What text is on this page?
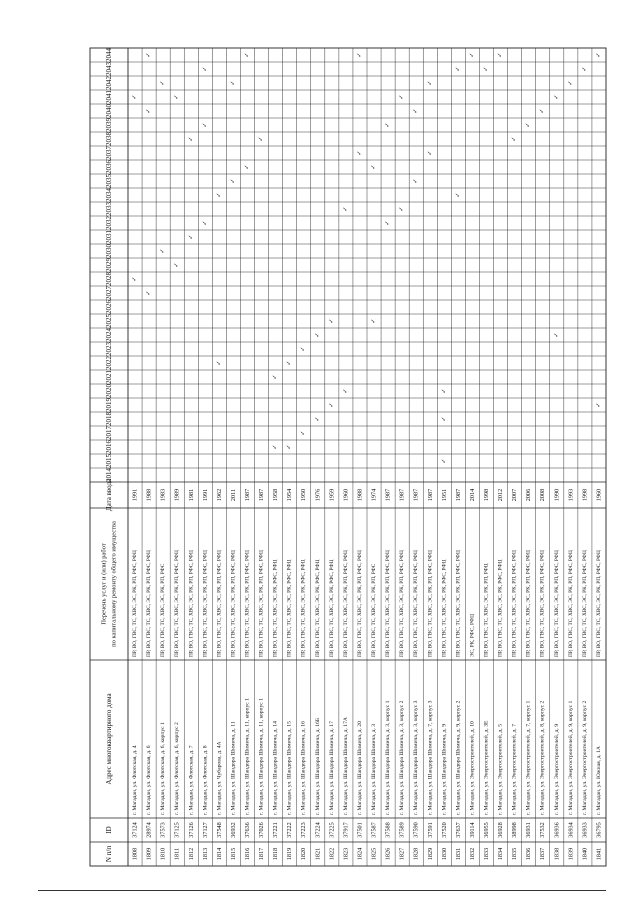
N п/п
ID
Адрес многоквартирного дома
Перечень услуг и (или) работ по капитальному ремонту общего имущества
Дата ввода
2014
2015
2016
2017
2018
2019
2020
2021
2022
2023
2024
2025
2026
2027
2028
2029
2030
2031
2032
2033
2034
2035
2036
2037
2038
2039
2040
2041
2042
2043
2044
1808
37124
г. Магадан, ул. Флотская, д. 4
ПР, ВО, ГВС, ТС, ХВС, ЭС, РК, РП, РФС, РФЦ
1991
✓
✓
1809
28974
г. Магадан, ул. Флотская, д. 6
ПР, ВО, ГВС, ТС, ХВС, ЭС, РК, РП, РФС, РФЦ
1988
✓
✓
✓
1810
37573
г. Магадан, ул. Флотская, д. 6, корпус 1
ПР, ВО, ГВС, ТС, ХВС, ЭС, РК, РП, РФС
1983
✓
✓
1811
37125
г. Магадан, ул. Флотская, д. 6, корпус 2
ПР, ВО, ГВС, ТС, ХВС, ЭС, РК, РП, РФС, РФЦ
1989
✓
✓
1812
37126
г. Магадан, ул. Флотская, д. 7
ПР, ВО, ГВС, ТС, ХВС, ЭС, РК, РП, РФС, РФЦ
1981
✓
✓
1813
37127
г. Магадан, ул. Флотская, д. 8
ПР, ВО, ГВС, ТС, ХВС, ЭС, РК, РП, РФС, РФЦ
1991
✓
✓
✓
1814
37548
г. Магадан, ул. Чубарова, д. 4А
ПР, ВО, ГВС, ТС, ХВС, ЭС, РК, РП, РФС, РФЦ
1962
✓
✓
1815
36932
г. Магадан, ул. Шандора Шимича, д. 11
ПР, ВО, ГВС, ТС, ХВС, ЭС, РК, РП, РФС, РФЦ
2011
✓
✓
1816
37636
г. Магадан, ул. Шандора Шимича, д. 11, корпус 1
ПР, ВО, ГВС, ТС, ХВС, ЭС, РК, РП, РФС, РФЦ
1987
✓
✓
1817
37026
г. Магадан, ул. Шандора Шимича, д. 11, корпус 1
ПР, ВО, ГВС, ТС, ХВС, ЭС, РК, РП, РФС, РФЦ
1987
✓
1818
37221
г. Магадан, ул. Шандора Шимича, д. 14
ПР, ВО, ГВС, ТС, ХВС, ЭС, РК, РФС, РФЦ
1958
✓
✓
1819
37222
г. Магадан, ул. Шандора Шимича, д. 15
ПР, ВО, ГВС, ТС, ХВС, ЭС, РК, РФС, РФЦ
1954
✓
✓
1820
37223
г. Магадан, ул. Шандора Шимича, д. 16
ПР, ВО, ГВС, ТС, ХВС, ЭС, РК, РФС, РФЦ
1950
✓
✓
1821
37224
г. Магадан, ул. Шандора Шимича, д. 16Б
ПР, ВО, ГВС, ТС, ХВС, ЭС, РК, РФС, РФЦ
1976
✓
✓
1822
37225
г. Магадан, ул. Шандора Шимича, д. 17
ПР, ВО, ГВС, ТС, ХВС, ЭС, РК, РФС, РФЦ
1959
✓
✓
1823
37917
г. Магадан, ул. Шандора Шимича, д. 17А
ПР, ВО, ГВС, ТС, ХВС, ЭС, РК, РП, РФС, РФЦ
1960
✓
✓
1824
37501
г. Магадан, ул. Шандора Шимича, д. 20
ПР, ВО, ГВС, ТС, ХВС, ЭС, РК, РП, РФС, РФЦ
1988
✓
✓
1825
37587
г. Магадан, ул. Шандора Шимича, д. 3
ПР, ВО, ГВС, ТС, ХВС, ЭС, РК, РП, РФС
1974
✓
✓
1826
37588
г. Магадан, ул. Шандора Шимича, д. 3, корпус 1
ПР, ВО, ГВС, ТС, ХВС, ЭС, РК, РП, РФС, РФЦ
1987
✓
✓
1827
37589
г. Магадан, ул. Шандора Шимича, д. 3, корпус 2
ПР, ВО, ГВС, ТС, ХВС, ЭС, РК, РП, РФС, РФЦ
1987
✓
✓
1828
37590
г. Магадан, ул. Шандора Шимича, д. 3, корпус 3
ПР, ВО, ГВС, ТС, ХВС, ЭС, РК, РП, РФС, РФЦ
1987
✓
✓
1829
37591
г. Магадан, ул. Шандора Шимича, д. 7, корпус 3
ПР, ВО, ГВС, ТС, ХВС, ЭС, РК, РП, РФС, РФЦ
1987
✓
✓
1830
37520
г. Магадан, ул. Шандора Шимича, д. 9
ПР, ВО, ГВС, ТС, ХВС, ЭС, РК, РФС, РФЦ
1951
✓
✓
✓
1831
37637
г. Магадан, ул. Шандора Шимича, д. 9, корпус 2
ПР, ВО, ГВС, ТС, ХВС, ЭС, РК, РП, РФС, РФЦ
1987
✓
✓
1832
39114
г. Магадан, ул. Энергостроителей, д. 10
ЭС, РК, РФС, РФЦ
2014
✓
1833
36955
г. Магадан, ул. Энергостроителей, д. 3Е
ПР, ВО, ГВС, ТС, ХВС, ЭС, РК, РП, РФЦ
1998
✓
1834
36928
г. Магадан, ул. Энергостроителей, д. 5
ПР, ВО, ГВС, ТС, ХВС, ЭС, РК, РФС, РФЦ
2012
✓
1835
38998
г. Магадан, ул. Энергостроителей, д. 7
ПР, ВО, ГВС, ТС, ХВС, ЭС, РК, РП, РФС, РФЦ
2007
✓
1836
36931
г. Магадан, ул. Энергостроителей, д. 7, корпус 1
ПР, ВО, ГВС, ТС, ХВС, ЭС, РК, РП, РФС, РФЦ
2006
✓
1837
37532
г. Магадан, ул. Энергостроителей, д. 8, корпус 2
ПР, ВО, ГВС, ТС, ХВС, ЭС, РК, РП, РФС, РФЦ
2008
✓
1838
36936
г. Магадан, ул. Энергостроителей, д. 9
ПР, ВО, ГВС, ТС, ХВС, ЭС, РК, РП, РФС, РФЦ
1990
✓
✓
1839
36934
г. Магадан, ул. Энергостроителей, д. 9, корпус 1
ПР, ВО, ГВС, ТС, ХВС, ЭС, РК, РП, РФС, РФЦ
1993
✓
1840
36933
г. Магадан, ул. Энергостроителей, д. 9, корпус 2
ПР, ВО, ГВС, ТС, ХВС, ЭС, РК, РП, РФС, РФЦ
1998
✓
1841
36795
г. Магадан, ул. Южная, д. 1А
ПР, ВО, ГВС, ТС, ХВС, ЭС, РК, РП, РФС, РФЦ
1960
✓
✓
